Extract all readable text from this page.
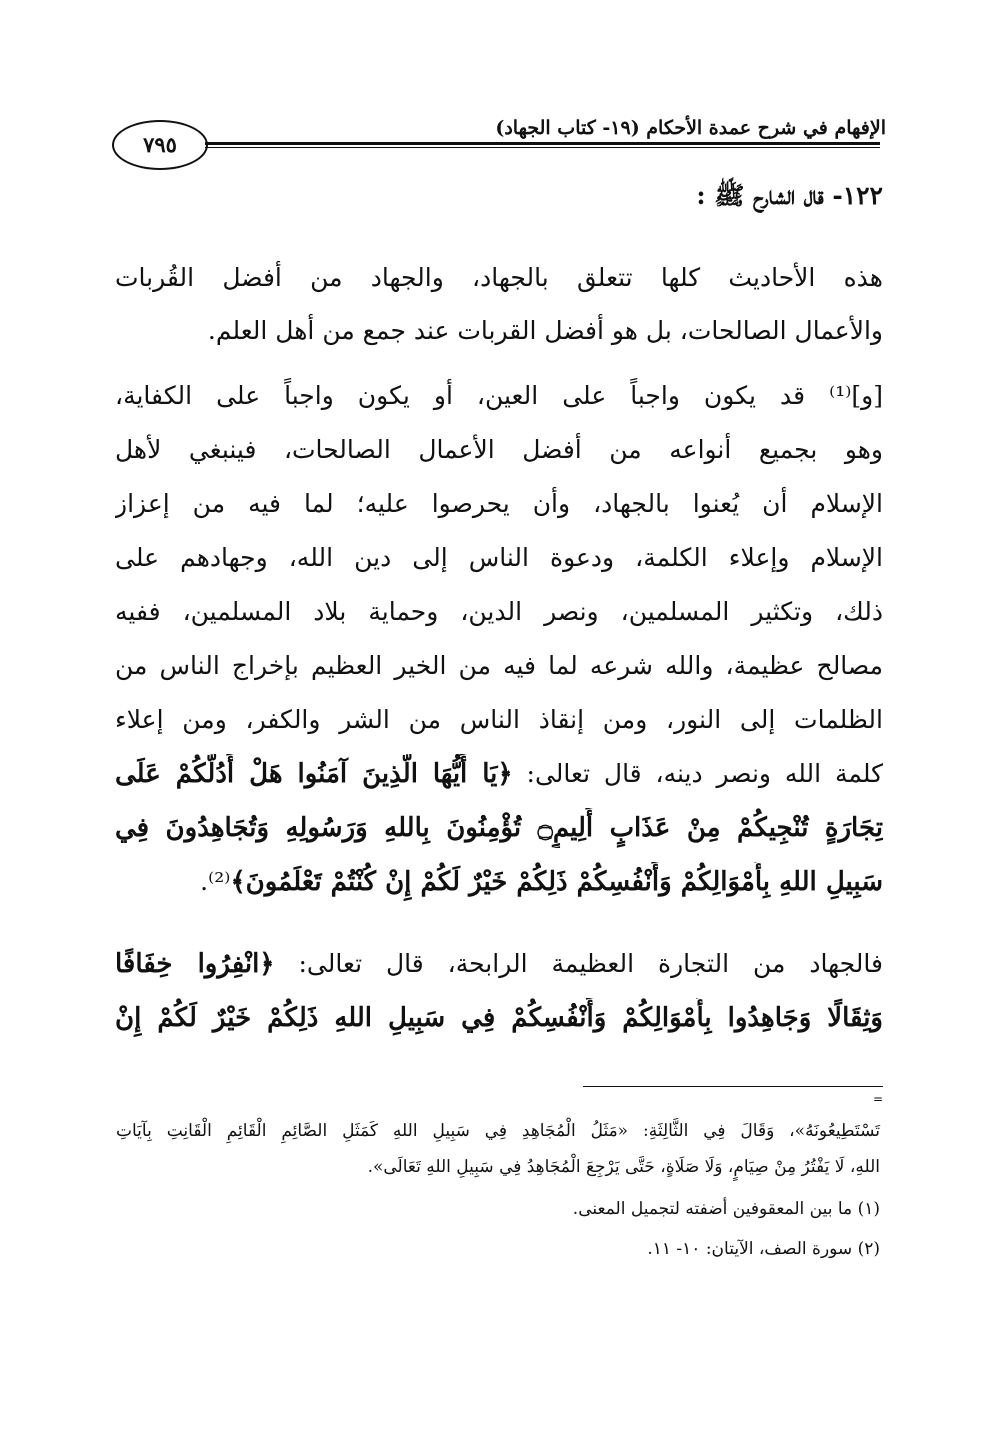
الإفهام في شرح عمدة الأحكام (١٩- كتاب الجهاد)
٧٩٥
١٢٢- قال الشارح ﷺ :
هذه الأحاديث كلها تتعلق بالجهاد، والجهاد من أفضل القُربات
والأعمال الصالحات، بل هو أفضل القربات عند جمع من أهل العلم.
[و]⁽¹⁾ قد يكون واجباً على العين، أو يكون واجباً على الكفاية،
وهو بجميع أنواعه من أفضل الأعمال الصالحات، فينبغي لأهل
الإسلام أن يُعنوا بالجهاد، وأن يحرصوا عليه؛ لما فيه من إعزاز
الإسلام وإعلاء الكلمة، ودعوة الناس إلى دين الله، وجهادهم على
ذلك، وتكثير المسلمين، ونصر الدين، وحماية بلاد المسلمين، ففيه
مصالح عظيمة، والله شرعه لما فيه من الخير العظيم بإخراج الناس من
الظلمات إلى النور، ومن إنقاذ الناس من الشر والكفر، ومن إعلاء
كلمة الله ونصر دينه، قال تعالى: ﴿يَا أَيُّهَا الَّذِينَ آمَنُوا هَلْ أَدُلُّكُمْ عَلَى
تِجَارَةٍ تُنْجِيكُمْ مِنْ عَذَابٍ أَلِيمٍ۝ تُؤْمِنُونَ بِاللهِ وَرَسُولِهِ وَتُجَاهِدُونَ فِي
سَبِيلِ اللهِ بِأَمْوَالِكُمْ وَأَنْفُسِكُمْ ذَلِكُمْ خَيْرٌ لَكُمْ إِنْ كُنْتُمْ تَعْلَمُونَ﴾⁽²⁾.
فالجهاد من التجارة العظيمة الرابحة، قال تعالى: ﴿انْفِرُوا خِفَافًا
وَثِقَالًا وَجَاهِدُوا بِأَمْوَالِكُمْ وَأَنْفُسِكُمْ فِي سَبِيلِ اللهِ ذَلِكُمْ خَيْرٌ لَكُمْ إِنْ
=
تَسْتَطِيعُونَهُ»، وَقَالَ فِي الثَّالِثَةِ: «مَثَلُ الْمُجَاهِدِ فِي سَبِيلِ اللهِ كَمَثَلِ الصَّائِمِ الْقَائِمِ الْقَانِتِ بِآيَاتِ
اللهِ، لَا يَفْتُرُ مِنْ صِيَامٍ، وَلَا صَلَاةٍ، حَتَّى يَرْجِعَ الْمُجَاهِدُ فِي سَبِيلِ اللهِ تَعَالَى».
(١) ما بين المعقوفين أضفته لتجميل المعنى.
(٢) سورة الصف، الآيتان: ١٠- ١١.
